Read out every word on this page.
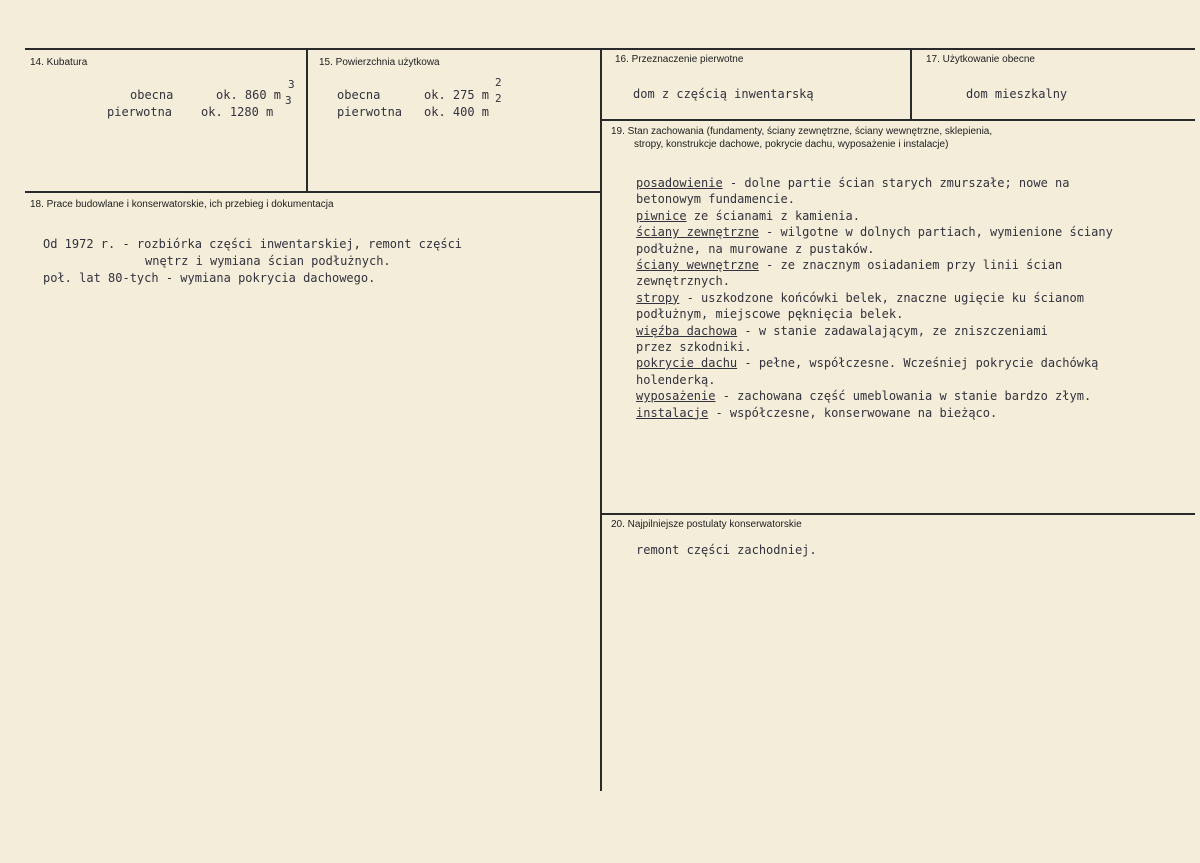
14. Kubatura
obecna	ok. 860 m
3
pierwotna ok. 1280 m
3
15. Powierzchnia użytkowa
obecna	ok. 275 m
2
pierwotna ok. 400 m
2
16. Przeznaczenie pierwotne
dom z częścią inwentarską
17. Użytkowanie obecne
dom mieszkalny
18. Prace budowlane i konserwatorskie, ich przebieg i dokumentacja
Od 1972 r. - rozbiórka części inwentarskiej, remont części
wnętrz i wymiana ścian podłużnych.
poł. lat 80-tych - wymiana pokrycia dachowego.
19. Stan zachowania (fundamenty, ściany zewnętrzne, ściany wewnętrzne, sklepienia,
stropy, konstrukcje dachowe, pokrycie dachu, wyposażenie i instalacje)
posadowienie - dolne partie ścian starych zmurszałe; nowe na
betonowym fundamencie.
piwnice ze ścianami z kamienia.
ściany zewnętrzne - wilgotne w dolnych partiach, wymienione ściany
podłużne, na murowane z pustaków.
ściany wewnętrzne - ze znacznym osiadaniem przy linii ścian
zewnętrznych.
stropy - uszkodzone końcówki belek, znaczne ugięcie ku ścianom
podłużnym, miejscowe pęknięcia belek.
więźba dachowa - w stanie zadawalającym, ze zniszczeniami
przez szkodniki.
pokrycie dachu - pełne, współczesne. Wcześniej pokrycie dachówką
holenderką.
wyposażenie - zachowana część umeblowania w stanie bardzo złym.
instalacje - współczesne, konserwowane na bieżąco.
20. Najpilniejsze postulaty konserwatorskie
remont części zachodniej.
